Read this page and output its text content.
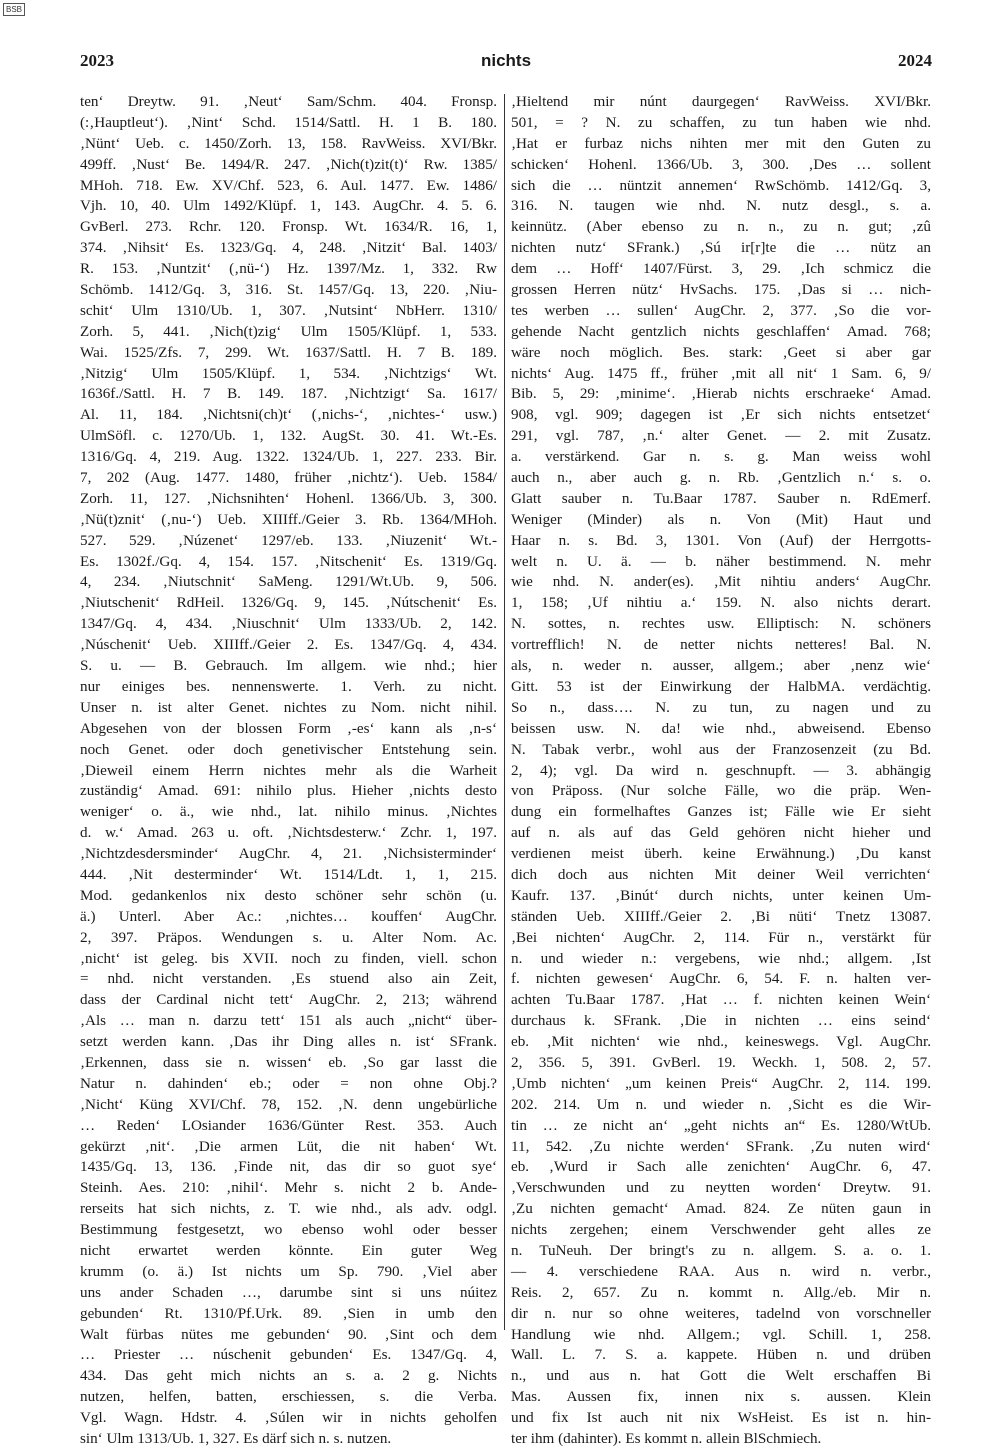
BSB
2023	nichts	2024
ten‘ Dreytw. 91. ‚Neut‘ Sam/Schm. 404. Fronsp.
(:‚Hauptleut‘). ‚Nint‘ Schd. 1514/Sattl. H. 1 B. 180.
‚Nünt‘ Ueb. c. 1450/Zorh. 13, 158. RavWeiss. XVI/Bkr.
499ff. ‚Nust‘ Be. 1494/R. 247. ‚Nich(t)zit(t)‘ Rw. 1385/
MHoh. 718. Ew. XV/Chf. 523, 6. Aul. 1477. Ew. 1486/
Vjh. 10, 40. Ulm 1492/Klüpf. 1, 143. AugChr. 4. 5. 6.
GvBerl. 273. Rchr. 120. Fronsp. Wt. 1634/R. 16, 1,
374. ‚Nihsit‘ Es. 1323/Gq. 4, 248. ‚Nitzit‘ Bal. 1403/
R. 153. ‚Nuntzit‘ (‚nü-‘) Hz. 1397/Mz. 1, 332. Rw
Schömb. 1412/Gq. 3, 316. St. 1457/Gq. 13, 220. ‚Niu-
schit‘ Ulm 1310/Ub. 1, 307. ‚Nutsint‘ NbHerr. 1310/
Zorh. 5, 441. ‚Nich(t)zig‘ Ulm 1505/Klüpf. 1, 533.
Wai. 1525/Zfs. 7, 299. Wt. 1637/Sattl. H. 7 B. 189.
‚Nitzig‘ Ulm 1505/Klüpf. 1, 534. ‚Nichtzigs‘ Wt.
1636f./Sattl. H. 7 B. 149. 187. ‚Nichtzigt‘ Sa. 1617/
Al. 11, 184. ‚Nichtsni(ch)t‘ (‚nichs-‘, ‚nichtes-‘ usw.)
UlmSöfl. c. 1270/Ub. 1, 132. AugSt. 30. 41. Wt.-Es.
1316/Gq. 4, 219. Aug. 1322. 1324/Ub. 1, 227. 233. Bir.
7, 202 (Aug. 1477. 1480, früher ‚nichtz‘). Ueb. 1584/
Zorh. 11, 127. ‚Nichsnihten‘ Hohenl. 1366/Ub. 3, 300.
‚Nü(t)znit‘ (‚nu-‘) Ueb. XIIIff./Geier 3. Rb. 1364/MHoh.
527. 529. ‚Núzenet‘ 1297/eb. 133. ‚Niuzenit‘ Wt.-
Es. 1302f./Gq. 4, 154. 157. ‚Nitschenit‘ Es. 1319/Gq.
4, 234. ‚Niutschnit‘ SaMeng. 1291/Wt.Ub. 9, 506.
‚Niutschenit‘ RdHeil. 1326/Gq. 9, 145. ‚Nútschenit‘ Es.
1347/Gq. 4, 434. ‚Niuschnit‘ Ulm 1333/Ub. 2, 142.
‚Núschenit‘ Ueb. XIIIff./Geier 2. Es. 1347/Gq. 4, 434.
S. u. — B. Gebrauch. Im allgem. wie nhd.; hier
nur einiges bes. nennenswerte. 1. Verh. zu nicht.
Unser n. ist alter Genet. nichtes zu Nom. nicht nihil.
Abgesehen von der blossen Form ‚-es‘ kann als ‚n-s‘
noch Genet. oder doch genetivischer Entstehung sein.
‚Dieweil einem Herrn nichtes mehr als die Warheit
zuständig‘ Amad. 691: nihilo plus. Hieher ‚nichts desto
weniger‘ o. ä., wie nhd., lat. nihilo minus. ‚Nichtes
d. w.‘ Amad. 263 u. oft. ‚Nichtsdesterw.‘ Zchr. 1, 197.
‚Nichtzdesdersminder‘ AugChr. 4, 21. ‚Nichsisterminder‘
444. ‚Nit desterminder‘ Wt. 1514/Ldt. 1, 1, 215.
Mod. gedankenlos nix desto schöner sehr schön (u.
ä.) Unterl. Aber Ac.: ‚nichtes… kouffen‘ AugChr.
2, 397. Präpos. Wendungen s. u. Alter Nom. Ac.
‚nicht‘ ist geleg. bis XVII. noch zu finden, viell. schon
= nhd. nicht verstanden. ‚Es stuend also ain Zeit,
dass der Cardinal nicht tett‘ AugChr. 2, 213; während
‚Als … man n. darzu tett‘ 151 als auch „nicht“ über-
setzt werden kann. ‚Das ihr Ding alles n. ist‘ SFrank.
‚Erkennen, dass sie n. wissen‘ eb. ‚So gar lasst die
Natur n. dahinden‘ eb.; oder = non ohne Obj.?
‚Nicht‘ Küng XVI/Chf. 78, 152. ‚N. denn ungebürliche
… Reden‘ LOsiander 1636/Günter Rest. 353. Auch
gekürzt ‚nit‘. ‚Die armen Lüt, die nit haben‘ Wt.
1435/Gq. 13, 136. ‚Finde nit, das dir so guot sye‘
Steinh. Aes. 210: ‚nihil‘. Mehr s. nicht 2 b. Ande-
rerseits hat sich nichts, z. T. wie nhd., als adv. odgl.
Bestimmung festgesetzt, wo ebenso wohl oder besser
nicht erwartet werden könnte. Ein guter Weg
krumm (o. ä.) Ist nichts um Sp. 790. ‚Viel aber
uns ander Schaden …, darumbe sint si uns núitez
gebunden‘ Rt. 1310/Pf.Urk. 89. ‚Sien in umb den
Walt fürbas nütes me gebunden‘ 90. ‚Sint och dem
… Priester … núschenit gebunden‘ Es. 1347/Gq. 4,
434. Das geht mich nichts an s. a. 2 g. Nichts
nutzen, helfen, batten, erschiessen, s. die Verba.
Vgl. Wagn. Hdstr. 4. ‚Súlen wir in nichts geholfen
sin‘ Ulm 1313/Ub. 1, 327. Es därf sich n. s. nutzen.
‚Hieltend mir núnt daurgegen‘ RavWeiss. XVI/Bkr.
501, = ? N. zu schaffen, zu tun haben wie nhd.
‚Hat er furbaz nichs nihten mer mit den Guten zu
schicken‘ Hohenl. 1366/Ub. 3, 300. ‚Des … sollent
sich die … nüntzit annemen‘ RwSchömb. 1412/Gq. 3,
316. N. taugen wie nhd. N. nutz desgl., s. a.
keinnütz. (Aber ebenso zu n. n., zu n. gut; ‚zû
nichten nutz‘ SFrank.) ‚Sú ir[r]te die … nütz an
dem … Hoff‘ 1407/Fürst. 3, 29. ‚Ich schmicz die
grossen Herren nütz‘ HvSachs. 175. ‚Das si … nich-
tes werben … sullen‘ AugChr. 2, 377. ‚So die vor-
gehende Nacht gentzlich nichts geschlaffen‘ Amad. 768;
wäre noch möglich. Bes. stark: ‚Geet si aber gar
nichts‘ Aug. 1475 ff., früher ‚mit all nit‘ 1 Sam. 6, 9/
Bib. 5, 29: ‚minime‘. ‚Hierab nichts erschraeke‘ Amad.
908, vgl. 909; dagegen ist ‚Er sich nichts entsetzet‘
291, vgl. 787, ‚n.‘ alter Genet. — 2. mit Zusatz.
a. verstärkend. Gar n. s. g. Man weiss wohl
auch n., aber auch g. n. Rb. ‚Gentzlich n.‘ s. o.
Glatt sauber n. Tu.Baar 1787. Sauber n. RdEmerf.
Weniger (Minder) als n. Von (Mit) Haut und
Haar n. s. Bd. 3, 1301. Von (Auf) der Herrgotts-
welt n. U. ä. — b. näher bestimmend. N. mehr
wie nhd. N. ander(es). ‚Mit nihtiu anders‘ AugChr.
1, 158; ‚Uf nihtiu a.‘ 159. N. also nichts derart.
N. sottes, n. rechtes usw. Elliptisch: N. schöners
vortrefflich! N. de netter nichts netteres! Bal. N.
als, n. weder n. ausser, allgem.; aber ‚nenz wie‘
Gitt. 53 ist der Einwirkung der HalbMA. verdächtig.
So n., dass…. N. zu tun, zu nagen und zu
beissen usw. N. da! wie nhd., abweisend. Ebenso
N. Tabak verbr., wohl aus der Franzosenzeit (zu Bd.
2, 4); vgl. Da wird n. geschnupft. — 3. abhängig
von Präposs. (Nur solche Fälle, wo die präp. Wen-
dung ein formelhaftes Ganzes ist; Fälle wie Er sieht
auf n. als auf das Geld gehören nicht hieher und
verdienen meist überh. keine Erwähnung.) ‚Du kanst
dich doch aus nichten Mit deiner Weil verrichten‘
Kaufr. 137. ‚Binút‘ durch nichts, unter keinen Um-
ständen Ueb. XIIIff./Geier 2. ‚Bi nüti‘ Tnetz 13087.
‚Bei nichten‘ AugChr. 2, 114. Für n., verstärkt für
n. und wieder n.: vergebens, wie nhd.; allgem. ‚Ist
f. nichten gewesen‘ AugChr. 6, 54. F. n. halten ver-
achten Tu.Baar 1787. ‚Hat … f. nichten keinen Wein‘
durchaus k. SFrank. ‚Die in nichten … eins seind‘
eb. ‚Mit nichten‘ wie nhd., keineswegs. Vgl. AugChr.
2, 356. 5, 391. GvBerl. 19. Weckh. 1, 508. 2, 57.
‚Umb nichten‘ „um keinen Preis“ AugChr. 2, 114. 199.
202. 214. Um n. und wieder n. ‚Sicht es die Wir-
tin … ze nicht an‘ „geht nichts an“ Es. 1280/WtUb.
11, 542. ‚Zu nichte werden‘ SFrank. ‚Zu nuten wird‘
eb. ‚Wurd ir Sach alle zenichten‘ AugChr. 6, 47.
‚Verschwunden und zu neytten worden‘ Dreytw. 91.
‚Zu nichten gemacht‘ Amad. 824. Ze nüten gaun in
nichts zergehen; einem Verschwender geht alles ze
n. TuNeuh. Der bringt's zu n. allgem. S. a. o. 1.
— 4. verschiedene RAA. Aus n. wird n. verbr.,
Reis. 2, 657. Zu n. kommt n. Allg./eb. Mir n.
dir n. nur so ohne weiteres, tadelnd von vorschneller
Handlung wie nhd. Allgem.; vgl. Schill. 1, 258.
Wall. L. 7. S. a. kappete. Hüben n. und drüben
n., und aus n. hat Gott die Welt erschaffen Bi
Mas. Aussen fix, innen nix s. aussen. Klein
und fix Ist auch nit nix WsHeist. Es ist n. hin-
ter ihm (dahinter). Es kommt n. allein BlSchmiech.
